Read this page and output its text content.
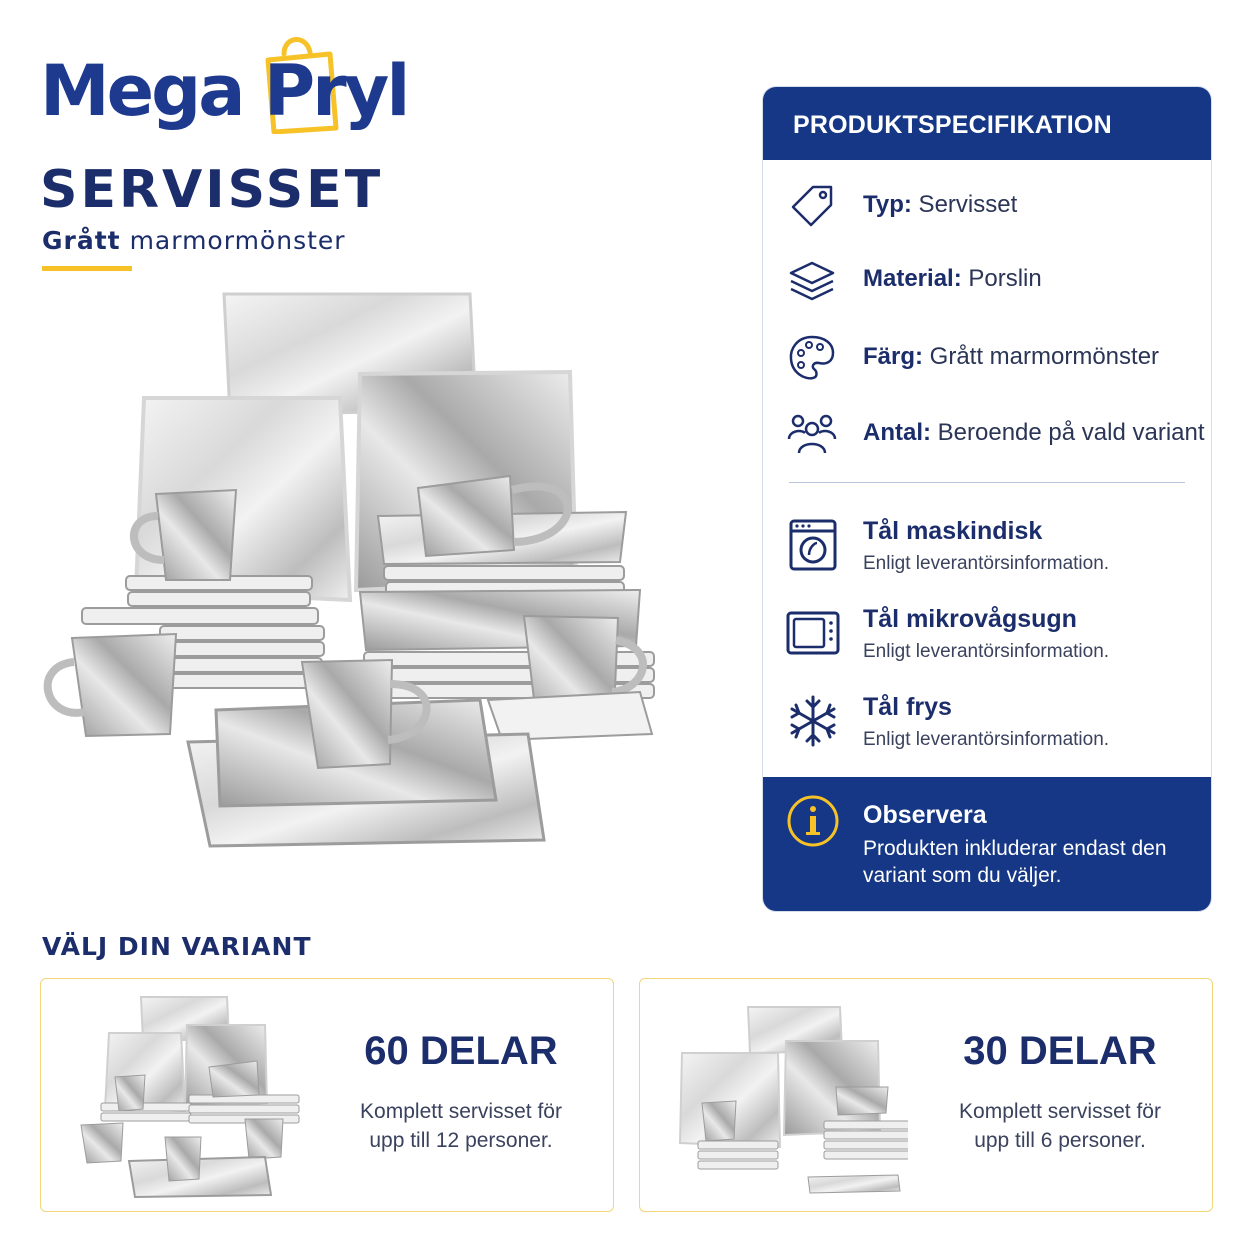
Mega Pryl
SERVISSET
Grått marmormönster
PRODUKTSPECIFIKATION
Typ: Servisset
Material: Porslin
Färg: Grått marmormönster
Antal: Beroende på vald variant
Tål maskindisk
Enligt leverantörsinformation.
Tål mikrovågsugn
Enligt leverantörsinformation.
Tål frys
Enligt leverantörsinformation.
Observera
Produkten inkluderar endast den variant som du väljer.
VÄLJ DIN VARIANT
60 DELAR
Komplett servisset för
upp till 12 personer.
30 DELAR
Komplett servisset för
upp till 6 personer.
